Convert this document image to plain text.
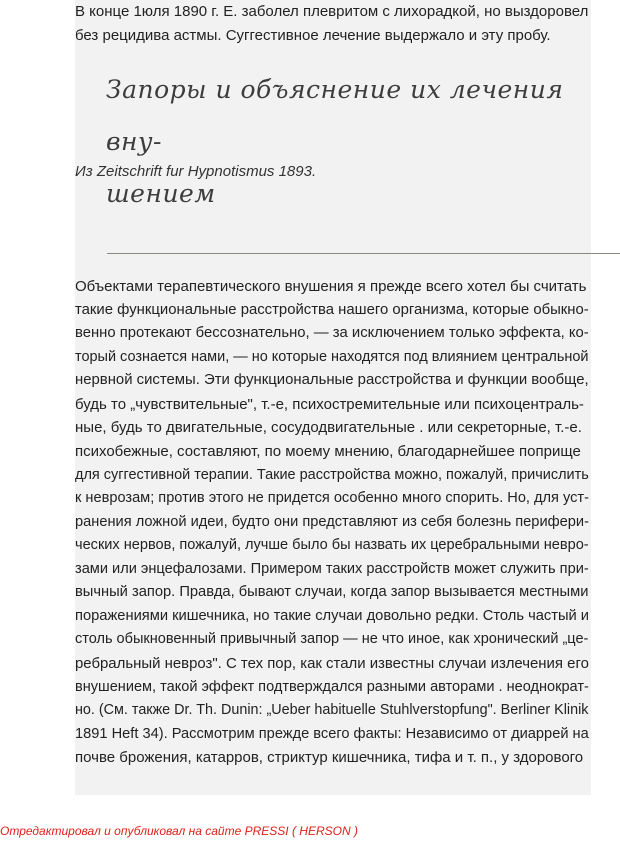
В конце 1юля 1890 г. Е. заболел плевритом с лихорадкой, но выздоровел

без рецидива астмы. Суггестивное лечение выдержало и эту пробу.

Запоры и объяснение их лечения вну-
шением
Из Zeitschrift fur Hypnotismus 1893.
Объектами терапевтического внушения я прежде всего хотел бы считать
такие функциональные расстройства нашего организма, которые обыкно-
венно протекают бессознательно, — за исключением только эффекта, ко-
торый сознается нами, — но которые находятся под влиянием центральной
нервной системы. Эти функциональные расстройства и функции вообще,
будь то „чувствительные", т.-е, психостремительные или психоцентраль-
ные, будь то двигательные, сосудодвигательные . или секреторные, т.-е.
психобежные, составляют, по моему мнению, благодарнейшее поприще
для суггестивной терапии. Такие расстройства можно, пожалуй, причислить
к неврозам; против этого не придется особенно много спорить. Но, для уст-
ранения ложной идеи, будто они представляют из себя болезнь перифери-
ческих нервов, пожалуй, лучше было бы назвать их церебральными невро-
зами или энцефалозами. Примером таких расстройств может служить при-
вычный запор. Правда, бывают случаи, когда запор вызывается местными
поражениями кишечника, но такие случаи довольно редки. Столь частый и
столь обыкновенный привычный запор — не что иное, как хронический „це-
ребральный невроз". С тех пор, как стали известны случаи излечения его
внушением, такой эффект подтверждался разными авторами . неоднократ-
но. (См. также Dr. Th. Dunin: „Ueber habituelle Stuhlverstopfung". Berliner Klinik
1891 Heft 34). Рассмотрим прежде всего факты: Независимо от диаррей на
почве брожения, катарров, стриктур кишечника, тифа и т. п., у здорового
Отредактировал и опубликовал на сайте PRESSI ( HERSON )
